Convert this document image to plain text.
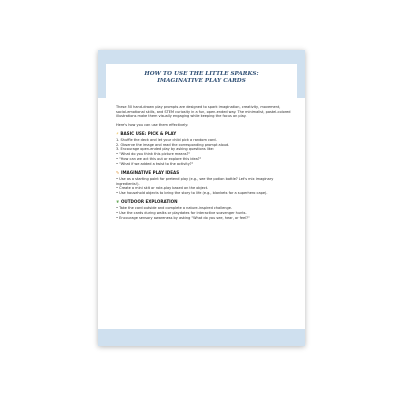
HOW TO USE THE LITTLE SPARKS:
IMAGINATIVE PLAY CARDS

These 50 hand-drawn play prompts are designed to spark imagination, creativity, movement, social-emotional skills, and STEM curiosity in a fun, open-ended way. The minimalist, pastel-colored illustrations make them visually engaging while keeping the focus on play.

Here's how you can use them effectively:

⚡ BASIC USE: PICK & PLAY

1. Shuffle the deck and let your child pick a random card.

2. Observe the image and read the corresponding prompt aloud.

3. Encourage open-ended play by asking questions like:

• "What do you think this picture means?"

• "How can we act this out or explore this idea?"

• "What if we added a twist to the activity?"

✎ IMAGINATIVE PLAY IDEAS

• Use as a starting point for pretend play (e.g., see the potion bottle? Let's mix imaginary ingredients!).

• Create a mini skit or role-play based on the object.

• Use household objects to bring the story to life (e.g., blankets for a superhero cape).

❦ OUTDOOR EXPLORATION

• Take the card outside and complete a nature-inspired challenge.

• Use the cards during walks or playdates for interactive scavenger hunts.

• Encourage sensory awareness by asking "What do you see, hear, or feel?"
